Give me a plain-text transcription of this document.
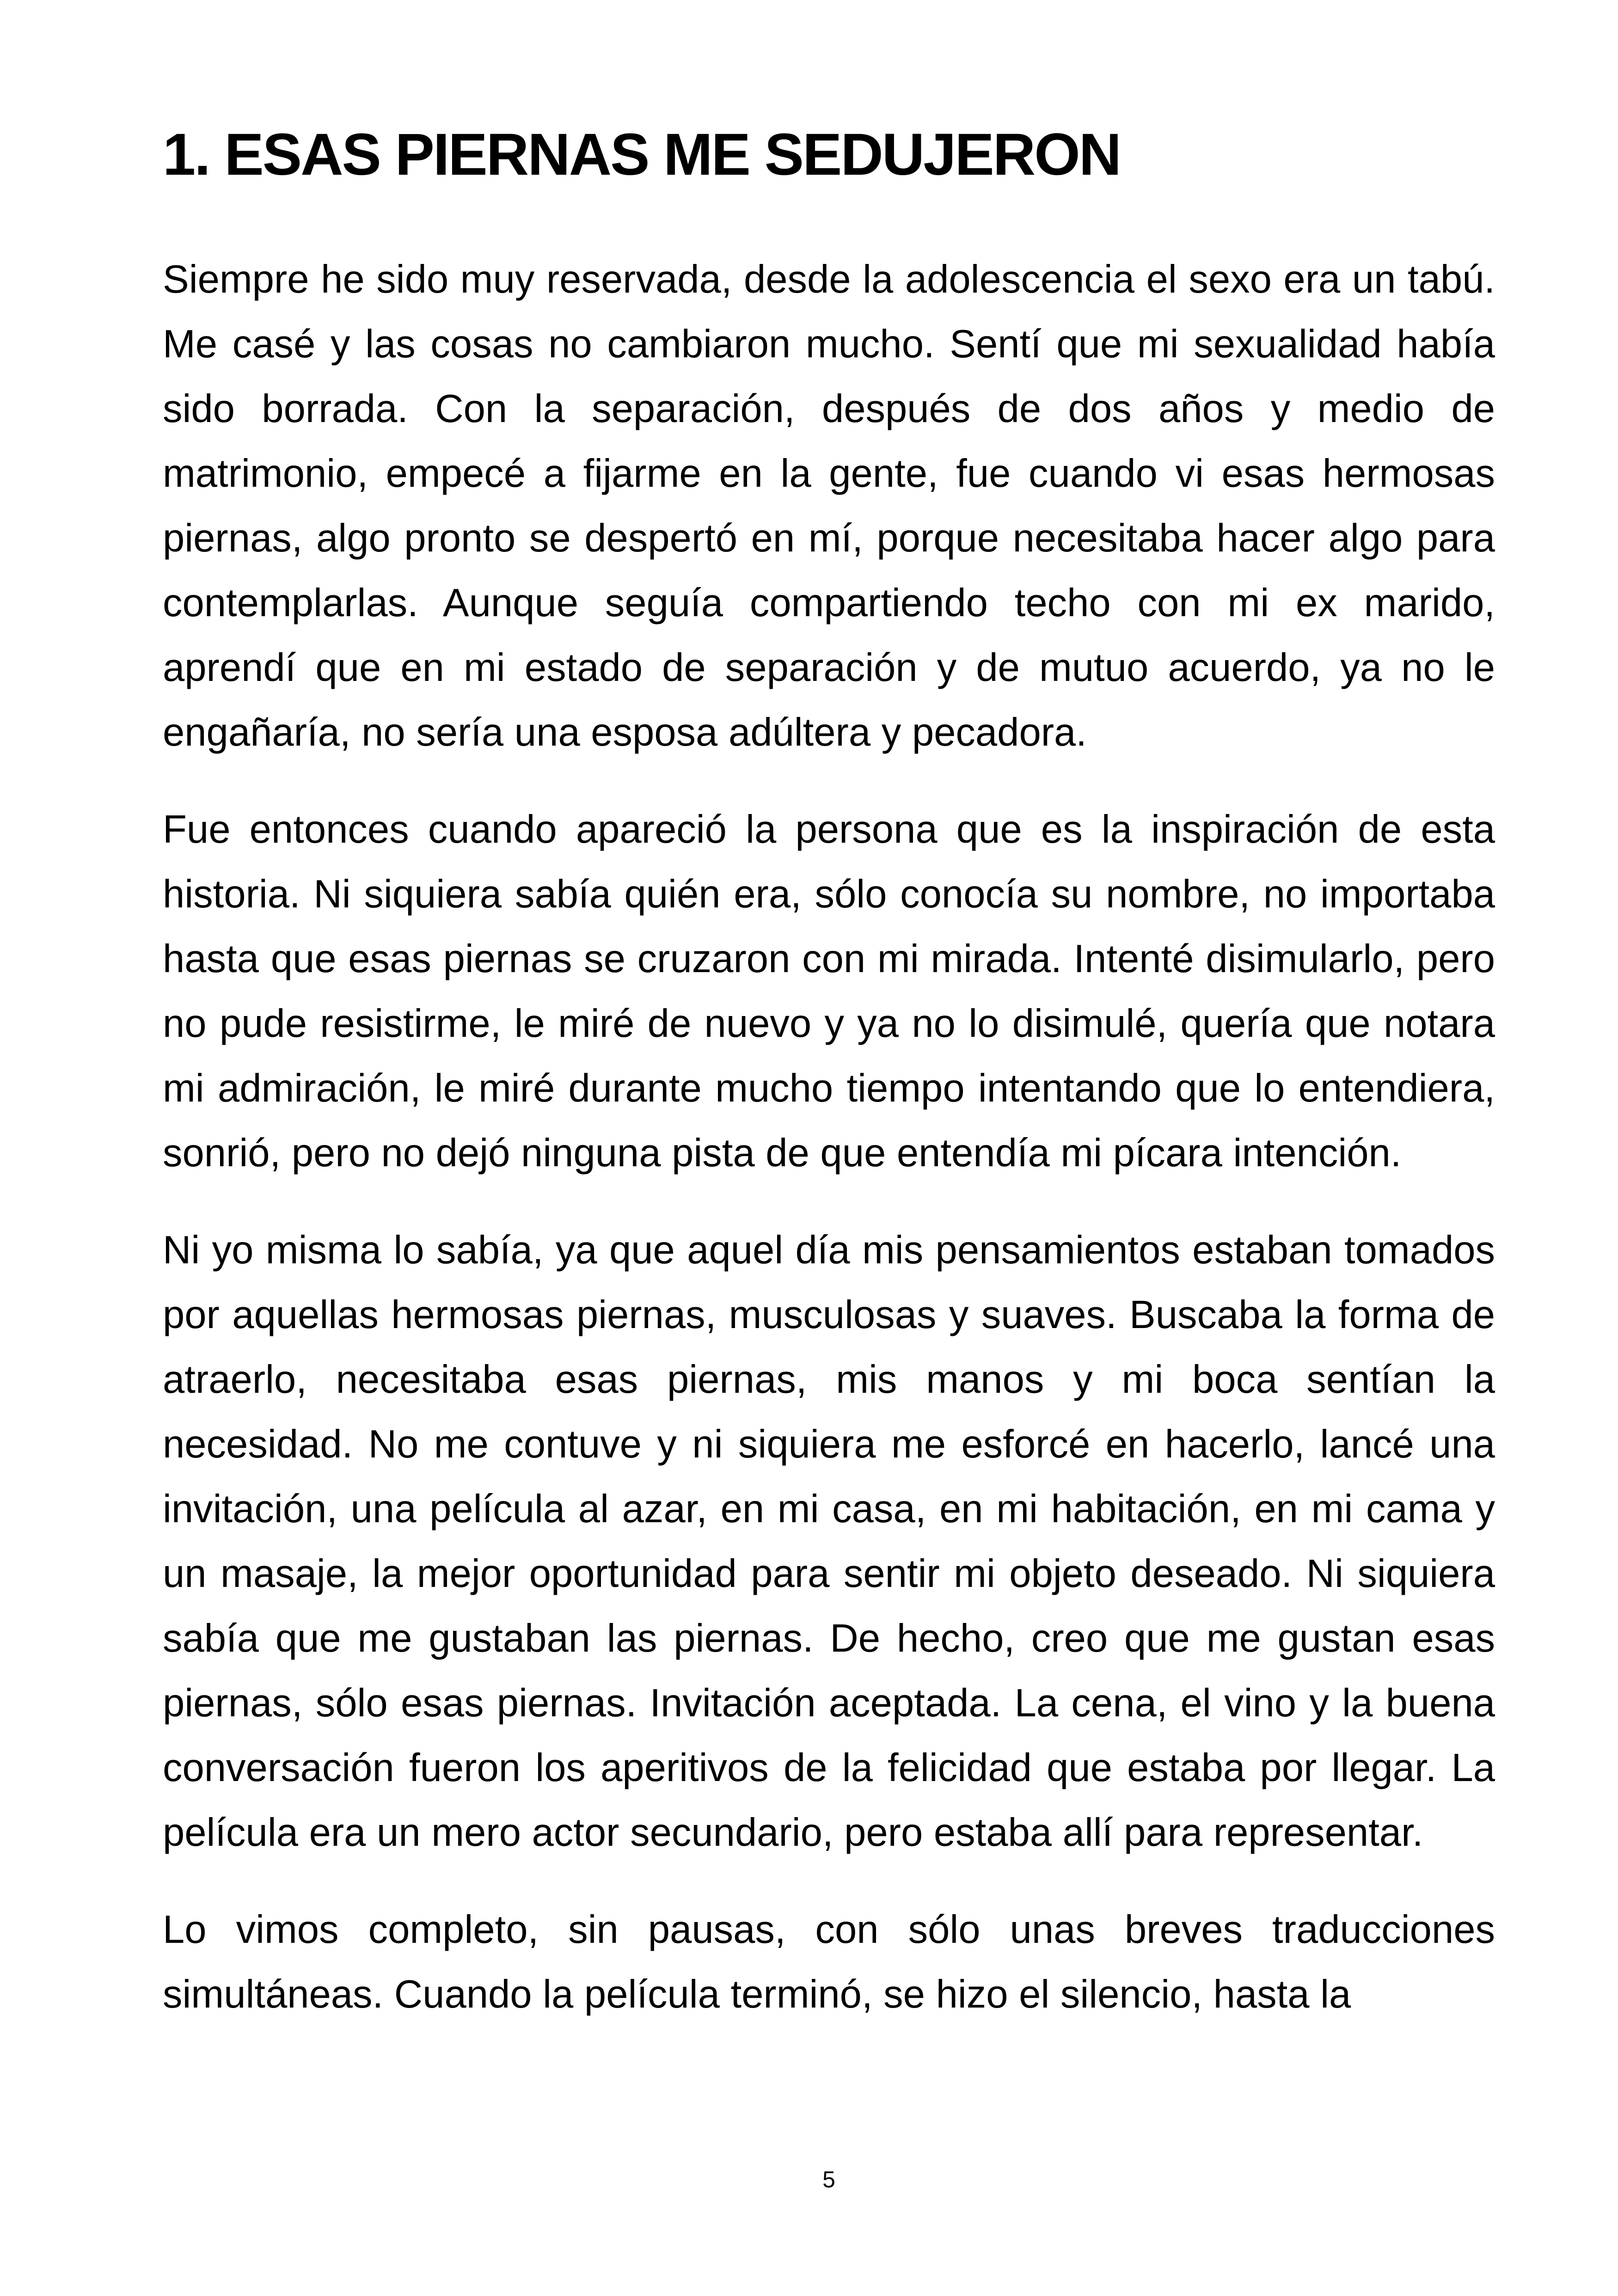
1. ESAS PIERNAS ME SEDUJERON

Siempre he sido muy reservada, desde la adolescencia el sexo era un tabú. Me casé y las cosas no cambiaron mucho. Sentí que mi sexualidad había sido borrada. Con la separación, después de dos años y medio de matrimonio, empecé a fijarme en la gente, fue cuando vi esas hermosas piernas, algo pronto se despertó en mí, porque necesitaba hacer algo para contemplarlas. Aunque seguía compartiendo techo con mi ex marido, aprendí que en mi estado de separación y de mutuo acuerdo, ya no le engañaría, no sería una esposa adúltera y pecadora.

Fue entonces cuando apareció la persona que es la inspiración de esta historia. Ni siquiera sabía quién era, sólo conocía su nombre, no importaba hasta que esas piernas se cruzaron con mi mirada. Intenté disimularlo, pero no pude resistirme, le miré de nuevo y ya no lo disimulé, quería que notara mi admiración, le miré durante mucho tiempo intentando que lo entendiera, sonrió, pero no dejó ninguna pista de que entendía mi pícara intención.

Ni yo misma lo sabía, ya que aquel día mis pensamientos estaban tomados por aquellas hermosas piernas, musculosas y suaves. Buscaba la forma de atraerlo, necesitaba esas piernas, mis manos y mi boca sentían la necesidad. No me contuve y ni siquiera me esforcé en hacerlo, lancé una invitación, una película al azar, en mi casa, en mi habitación, en mi cama y un masaje, la mejor oportunidad para sentir mi objeto deseado. Ni siquiera sabía que me gustaban las piernas. De hecho, creo que me gustan esas piernas, sólo esas piernas. Invitación aceptada. La cena, el vino y la buena conversación fueron los aperitivos de la felicidad que estaba por llegar. La película era un mero actor secundario, pero estaba allí para representar.

Lo vimos completo, sin pausas, con sólo unas breves traducciones simultáneas. Cuando la película terminó, se hizo el silencio, hasta la

5
